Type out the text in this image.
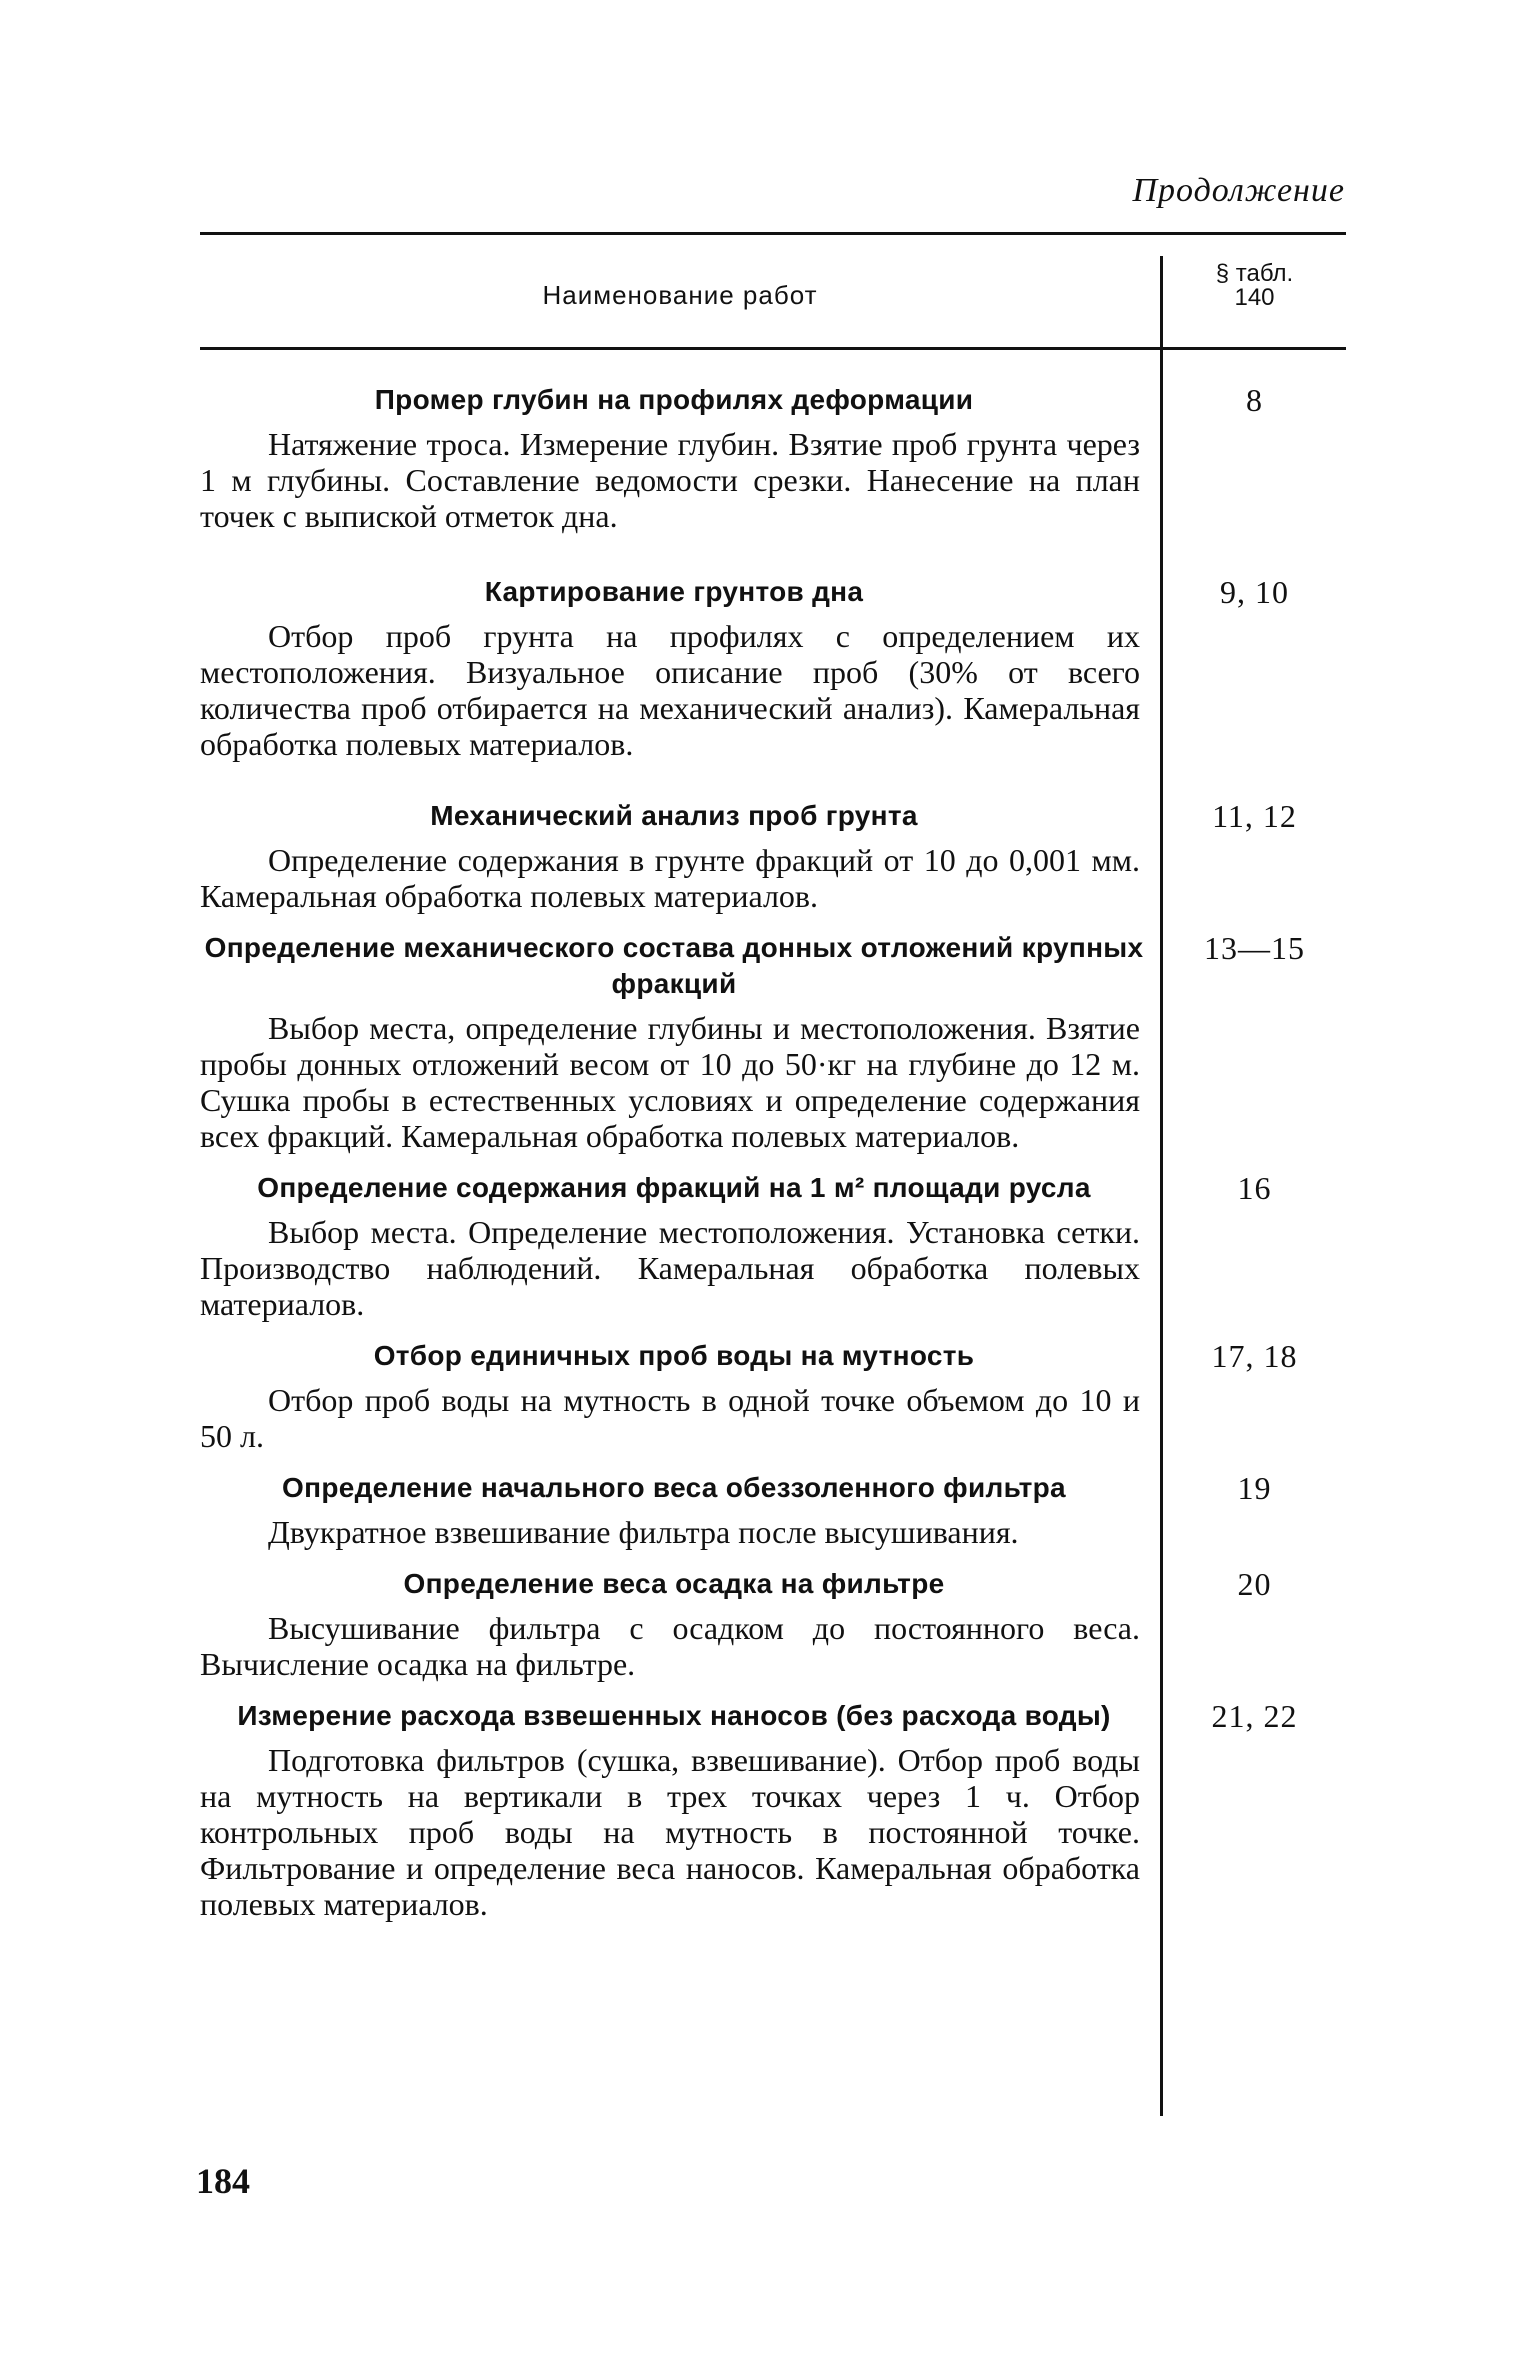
Продолжение
Наименование работ
§ табл.
140
Промер глубин на профилях деформации
Натяжение троса. Измерение глубин. Взятие проб грунта через 1 м глубины. Составление ведомости срезки. Нанесение на план точек с выпиской отметок дна.
8
Картирование грунтов дна
Отбор проб грунта на профилях с определением их местоположения. Визуальное описание проб (30% от всего количества проб отбирается на механический анализ). Камеральная обработка полевых материалов.
9, 10
Механический анализ проб грунта
Определение содержания в грунте фракций от 10 до 0,001 мм. Камеральная обработка полевых материалов.
11, 12
Определение механического состава донных отложений крупных фракций
Выбор места, определение глубины и местоположения. Взятие пробы донных отложений весом от 10 до 50·кг на глубине до 12 м. Сушка пробы в естественных условиях и определение содержания всех фракций. Камеральная обработка полевых материалов.
13—15
Определение содержания фракций на 1 м² площади русла
Выбор места. Определение местоположения. Установка сетки. Производство наблюдений. Камеральная обработка полевых материалов.
16
Отбор единичных проб воды на мутность
Отбор проб воды на мутность в одной точке объемом до 10 и 50 л.
17, 18
Определение начального веса обеззоленного фильтра
Двукратное взвешивание фильтра после высушивания.
19
Определение веса осадка на фильтре
Высушивание фильтра с осадком до постоянного веса. Вычисление осадка на фильтре.
20
Измерение расхода взвешенных наносов (без расхода воды)
Подготовка фильтров (сушка, взвешивание). Отбор проб воды на мутность на вертикали в трех точках через 1 ч. Отбор контрольных проб воды на мутность в постоянной точке. Фильтрование и определение веса наносов. Камеральная обработка полевых материалов.
21, 22
184
